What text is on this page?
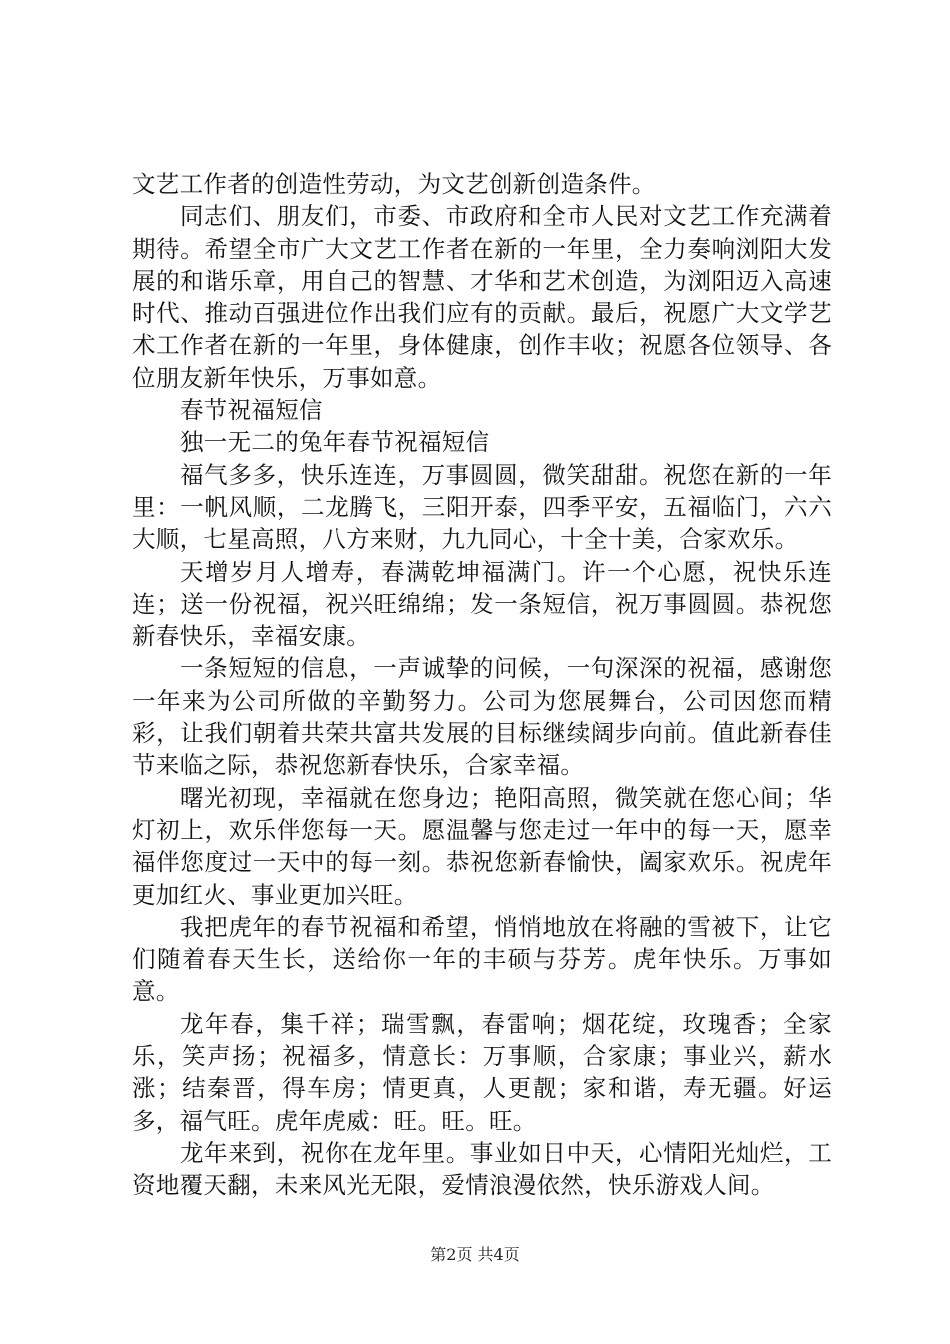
文艺工作者的创造性劳动，为文艺创新创造条件。

同志们、朋友们，市委、市政府和全市人民对文艺工作充满着期待。希望全市广大文艺工作者在新的一年里，全力奏响浏阳大发展的和谐乐章，用自己的智慧、才华和艺术创造，为浏阳迈入高速时代、推动百强进位作出我们应有的贡献。最后，祝愿广大文学艺术工作者在新的一年里，身体健康，创作丰收；祝愿各位领导、各位朋友新年快乐，万事如意。

春节祝福短信

独一无二的兔年春节祝福短信

福气多多，快乐连连，万事圆圆，微笑甜甜。祝您在新的一年里：一帆风顺，二龙腾飞，三阳开泰，四季平安，五福临门，六六大顺，七星高照，八方来财，九九同心，十全十美，合家欢乐。

天增岁月人增寿，春满乾坤福满门。许一个心愿，祝快乐连连；送一份祝福，祝兴旺绵绵；发一条短信，祝万事圆圆。恭祝您新春快乐，幸福安康。

一条短短的信息，一声诚挚的问候，一句深深的祝福，感谢您一年来为公司所做的辛勤努力。公司为您展舞台，公司因您而精彩，让我们朝着共荣共富共发展的目标继续阔步向前。值此新春佳节来临之际，恭祝您新春快乐，合家幸福。

曙光初现，幸福就在您身边；艳阳高照，微笑就在您心间；华灯初上，欢乐伴您每一天。愿温馨与您走过一年中的每一天，愿幸福伴您度过一天中的每一刻。恭祝您新春愉快，阖家欢乐。祝虎年更加红火、事业更加兴旺。

我把虎年的春节祝福和希望，悄悄地放在将融的雪被下，让它们随着春天生长，送给你一年的丰硕与芬芳。虎年快乐。万事如意。

龙年春，集千祥；瑞雪飘，春雷响；烟花绽，玫瑰香；全家乐，笑声扬；祝福多，情意长：万事顺，合家康；事业兴，薪水涨；结秦晋，得车房；情更真，人更靓；家和谐，寿无疆。好运多，福气旺。虎年虎威：旺。旺。旺。

龙年来到，祝你在龙年里。事业如日中天，心情阳光灿烂，工资地覆天翻，未来风光无限，爱情浪漫依然，快乐游戏人间。

第2页 共4页
